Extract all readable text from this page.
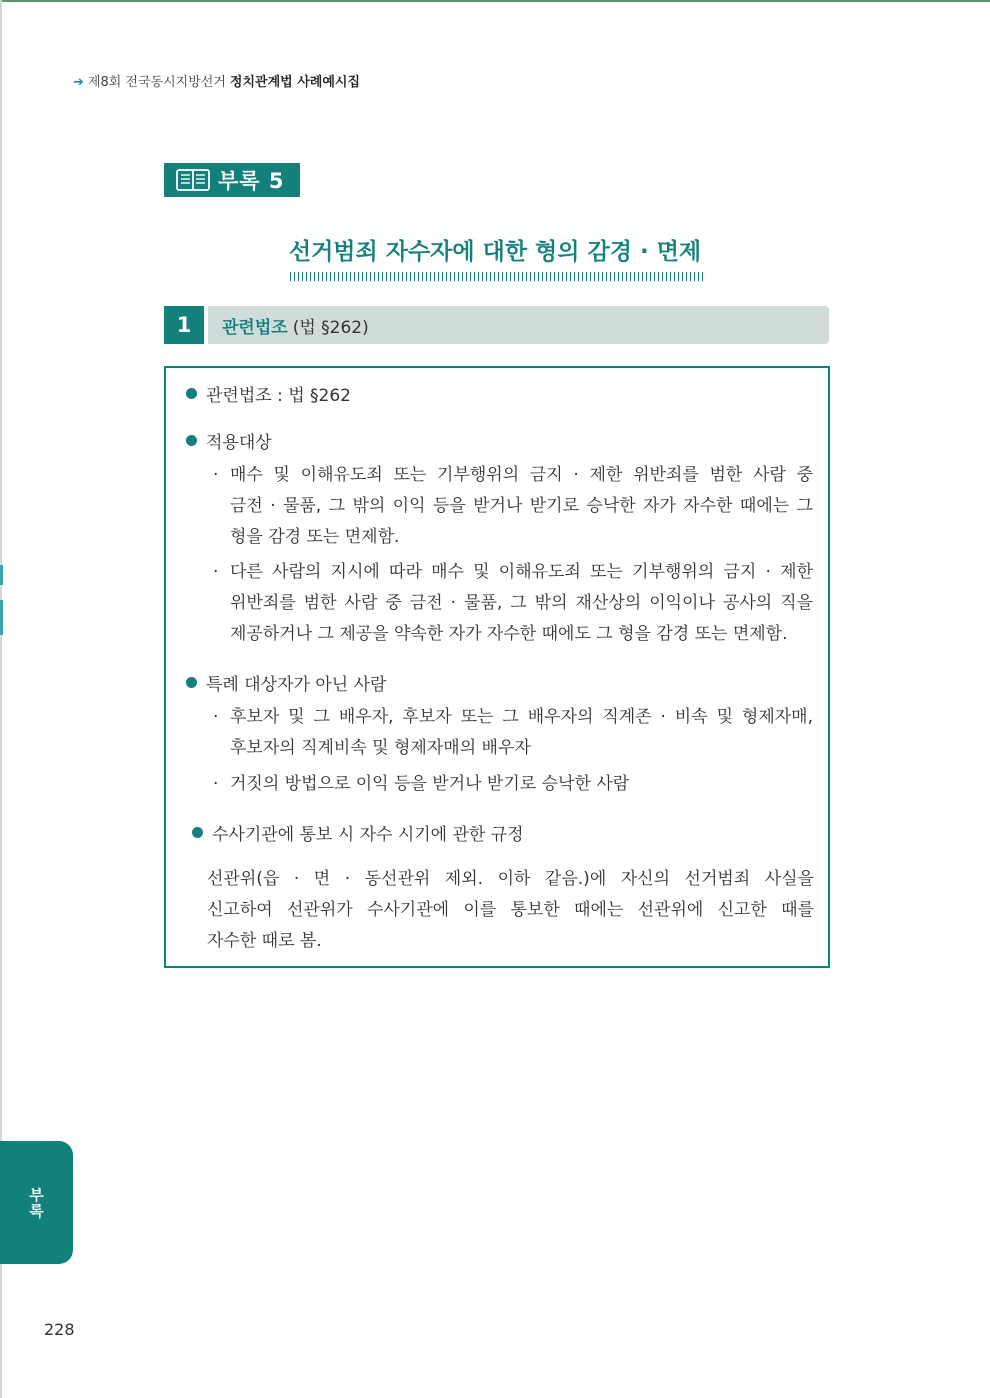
➔ 제8회 전국동시지방선거 정치관계법 사례예시집
부록 5
선거범죄 자수자에 대한 형의 감경 · 면제
1	관련법조 (법 §262)
관련법조 : 법 §262
적용대상
· 매수 및 이해유도죄 또는 기부행위의 금지 · 제한 위반죄를 범한 사람 중
금전 · 물품, 그 밖의 이익 등을 받거나 받기로 승낙한 자가 자수한 때에는 그
형을 감경 또는 면제함.
· 다른 사람의 지시에 따라 매수 및 이해유도죄 또는 기부행위의 금지 · 제한
위반죄를 범한 사람 중 금전 · 물품, 그 밖의 재산상의 이익이나 공사의 직을
제공하거나 그 제공을 약속한 자가 자수한 때에도 그 형을 감경 또는 면제함.
특례 대상자가 아닌 사람
· 후보자 및 그 배우자, 후보자 또는 그 배우자의 직계존 · 비속 및 형제자매,
후보자의 직계비속 및 형제자매의 배우자
· 거짓의 방법으로 이익 등을 받거나 받기로 승낙한 사람
수사기관에 통보 시 자수 시기에 관한 규정
선관위(읍 · 면 · 동선관위 제외. 이하 같음.)에 자신의 선거범죄 사실을
신고하여 선관위가 수사기관에 이를 통보한 때에는 선관위에 신고한 때를
자수한 때로 봄.
부록
228
